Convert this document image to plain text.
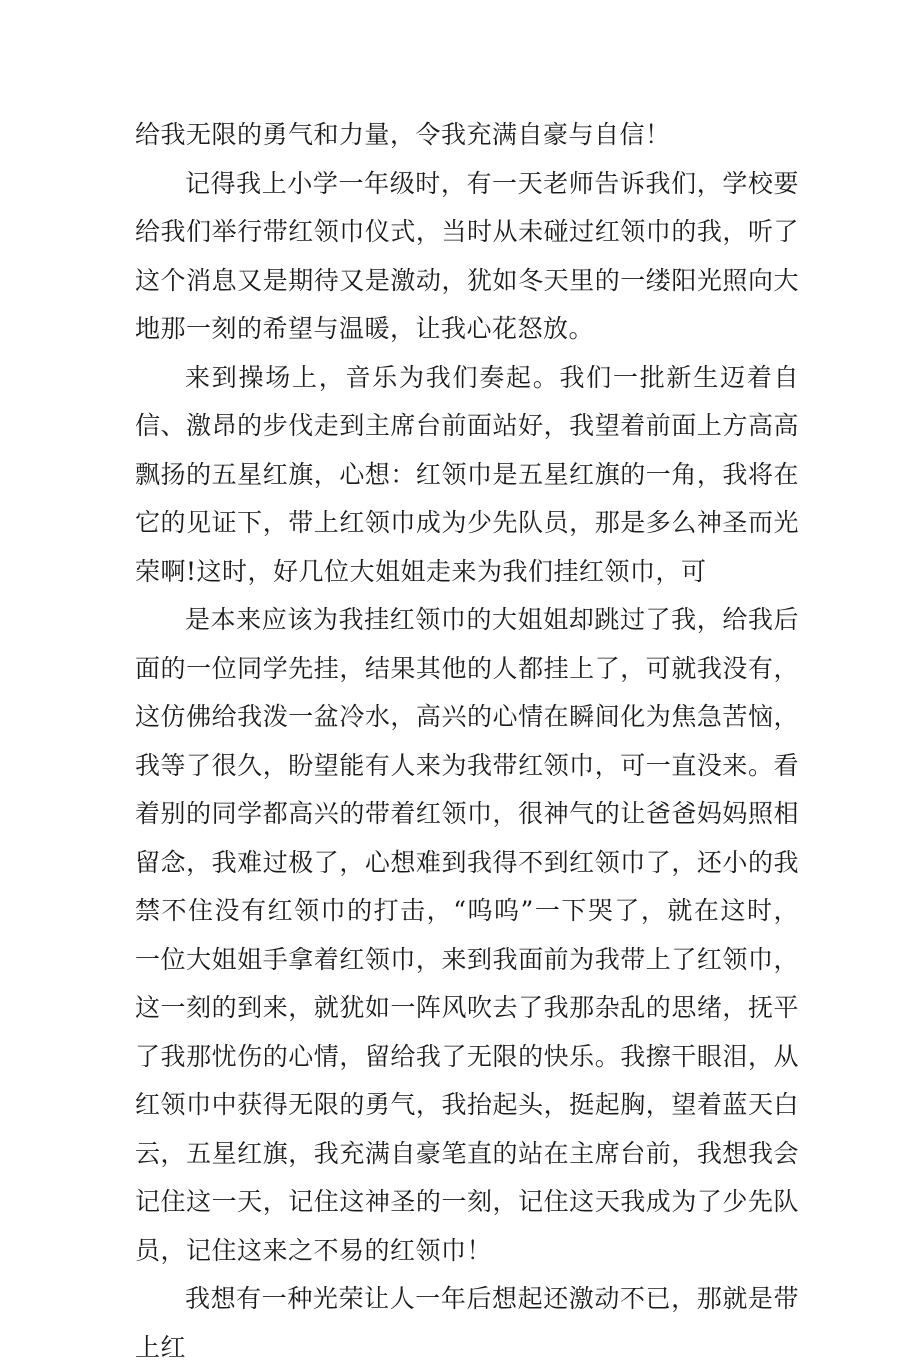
给我无限的勇气和力量，令我充满自豪与自信！

记得我上小学一年级时，有一天老师告诉我们，学校要给我们举行带红领巾仪式，当时从未碰过红领巾的我，听了这个消息又是期待又是激动，犹如冬天里的一缕阳光照向大地那一刻的希望与温暖，让我心花怒放。

来到操场上，音乐为我们奏起。我们一批新生迈着自信、激昂的步伐走到主席台前面站好，我望着前面上方高高飘扬的五星红旗，心想：红领巾是五星红旗的一角，我将在它的见证下，带上红领巾成为少先队员，那是多么神圣而光荣啊!这时，好几位大姐姐走来为我们挂红领巾，可

是本来应该为我挂红领巾的大姐姐却跳过了我，给我后面的一位同学先挂，结果其他的人都挂上了，可就我没有，这仿佛给我泼一盆冷水，高兴的心情在瞬间化为焦急苦恼，我等了很久，盼望能有人来为我带红领巾，可一直没来。看着别的同学都高兴的带着红领巾，很神气的让爸爸妈妈照相留念，我难过极了，心想难到我得不到红领巾了，还小的我禁不住没有红领巾的打击，“呜呜”一下哭了，就在这时，一位大姐姐手拿着红领巾，来到我面前为我带上了红领巾，这一刻的到来，就犹如一阵风吹去了我那杂乱的思绪，抚平了我那忧伤的心情，留给我了无限的快乐。我擦干眼泪，从红领巾中获得无限的勇气，我抬起头，挺起胸，望着蓝天白云，五星红旗，我充满自豪笔直的站在主席台前，我想我会记住这一天，记住这神圣的一刻，记住这天我成为了少先队员，记住这来之不易的红领巾！

我想有一种光荣让人一年后想起还激动不已，那就是带上红
